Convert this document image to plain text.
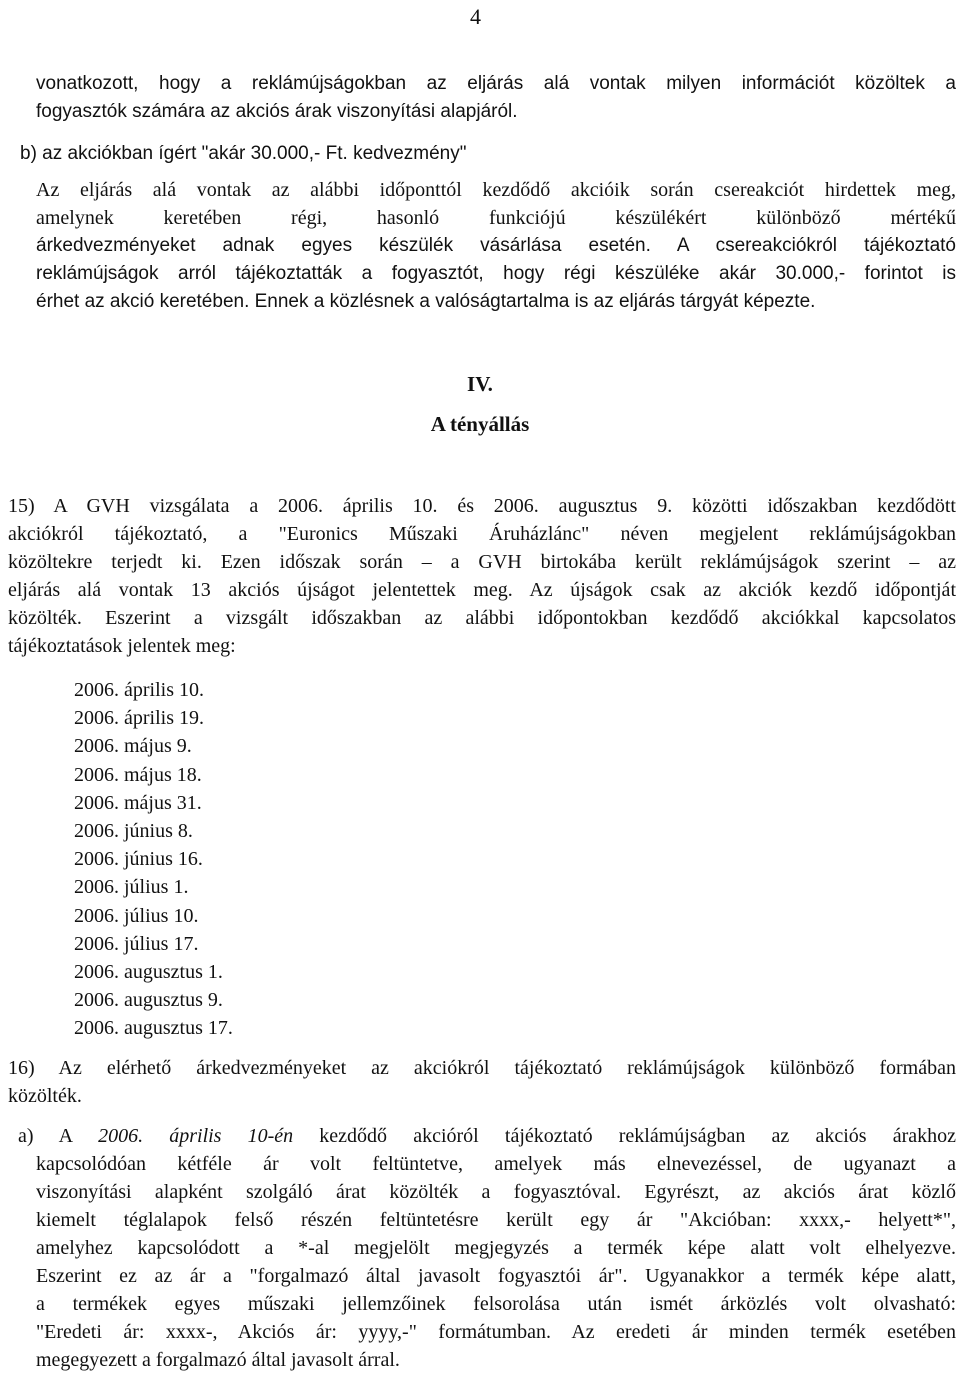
4
vonatkozott, hogy a reklámújságokban az eljárás alá vontak milyen információt közöltek a
fogyasztók számára az akciós árak viszonyítási alapjáról.
b) az akciókban ígért "akár 30.000,- Ft. kedvezmény"
Az eljárás alá vontak az alábbi időponttól kezdődő akcióik során csereakciót hirdettek meg,
amelynek keretében régi, hasonló funkciójú készülékért különböző mértékű
árkedvezményeket adnak egyes készülék vásárlása esetén. A csereakciókról tájékoztató
reklámújságok arról tájékoztatták a fogyasztót, hogy régi készüléke akár 30.000,- forintot is
érhet az akció keretében. Ennek a közlésnek a valóságtartalma is az eljárás tárgyát képezte.
IV.
A tényállás
15) A GVH vizsgálata a 2006. április 10. és 2006. augusztus 9. közötti időszakban kezdődött
akciókról tájékoztató, a "Euronics Műszaki Áruházlánc" néven megjelent reklámújságokban
közöltekre terjedt ki. Ezen időszak során – a GVH birtokába került reklámújságok szerint – az
eljárás alá vontak 13 akciós újságot jelentettek meg. Az újságok csak az akciók kezdő időpontját
közölték. Eszerint a vizsgált időszakban az alábbi időpontokban kezdődő akciókkal kapcsolatos
tájékoztatások jelentek meg:
2006. április 10.
2006. április 19.
2006. május 9.
2006. május 18.
2006. május 31.
2006. június 8.
2006. június 16.
2006. július 1.
2006. július 10.
2006. július 17.
2006. augusztus 1.
2006. augusztus 9.
2006. augusztus 17.
16) Az elérhető árkedvezményeket az akciókról tájékoztató reklámújságok különböző formában
közölték.
a) A 2006. április 10-én kezdődő akcióról tájékoztató reklámújságban az akciós árakhoz
kapcsolódóan kétféle ár volt feltüntetve, amelyek más elnevezéssel, de ugyanazt a
viszonyítási alapként szolgáló árat közölték a fogyasztóval. Egyrészt, az akciós árat közlő
kiemelt téglalapok felső részén feltüntetésre került egy ár "Akcióban: xxxx,- helyett*",
amelyhez kapcsolódott a *-al megjelölt megjegyzés a termék képe alatt volt elhelyezve.
Eszerint ez az ár a "forgalmazó által javasolt fogyasztói ár". Ugyanakkor a termék képe alatt,
a termékek egyes műszaki jellemzőinek felsorolása után ismét árközlés volt olvasható:
"Eredeti ár: xxxx-, Akciós ár: yyyy,-" formátumban. Az eredeti ár minden termék esetében
megegyezett a forgalmazó által javasolt árral.
